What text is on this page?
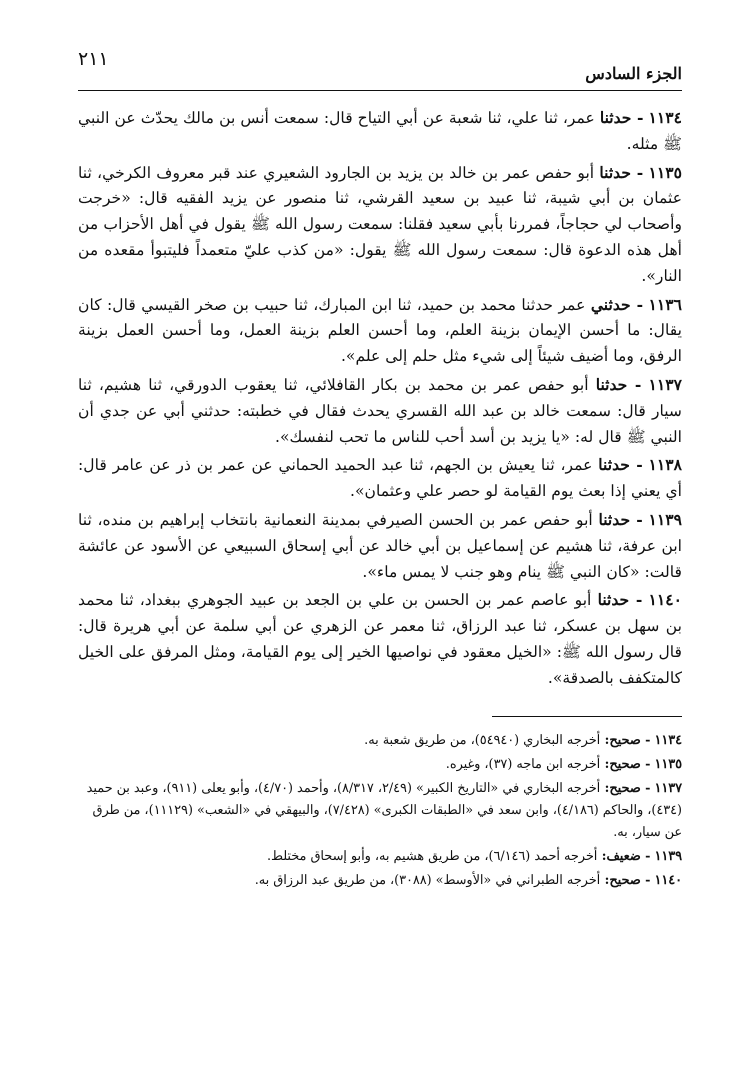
الجزء السادس
٢١١

١١٣٤ - حدثنا عمر، ثنا علي، ثنا شعبة عن أبي التياح قال: سمعت أنس بن مالك يحدّث عن النبي ﷺ مثله.

١١٣٥ - حدثنا أبو حفص عمر بن خالد بن يزيد بن الجارود الشعيري عند قبر معروف الكرخي، ثنا عثمان بن أبي شيبة، ثنا عبيد بن سعيد القرشي، ثنا منصور عن يزيد الفقيه قال: «خرجت وأصحاب لي حجاجاً، فمررنا بأبي سعيد فقلنا: سمعت رسول الله ﷺ يقول في أهل الأحزاب من أهل هذه الدعوة قال: سمعت رسول الله ﷺ يقول: «من كذب عليّ متعمداً فليتبوأ مقعده من النار».

١١٣٦ - حدثني عمر حدثنا محمد بن حميد، ثنا ابن المبارك، ثنا حبيب بن صخر القيسي قال: كان يقال: ما أحسن الإيمان بزينة العلم، وما أحسن العلم بزينة العمل، وما أحسن العمل بزينة الرفق، وما أضيف شيئاً إلى شيء مثل حلم إلى علم».

١١٣٧ - حدثنا أبو حفص عمر بن محمد بن بكار القافلائي، ثنا يعقوب الدورقي، ثنا هشيم، ثنا سيار قال: سمعت خالد بن عبد الله القسري يحدث فقال في خطبته: حدثني أبي عن جدي أن النبي ﷺ قال له: «يا يزيد بن أسد أحب للناس ما تحب لنفسك».

١١٣٨ - حدثنا عمر، ثنا يعيش بن الجهم، ثنا عبد الحميد الحماني عن عمر بن ذر عن عامر قال: أي يعني إذا بعث يوم القيامة لو حصر علي وعثمان».

١١٣٩ - حدثنا أبو حفص عمر بن الحسن الصيرفي بمدينة النعمانية بانتخاب إبراهيم بن منده، ثنا ابن عرفة، ثنا هشيم عن إسماعيل بن أبي خالد عن أبي إسحاق السبيعي عن الأسود عن عائشة قالت: «كان النبي ﷺ ينام وهو جنب لا يمس ماء».

١١٤٠ - حدثنا أبو عاصم عمر بن الحسن بن علي بن الجعد بن عبيد الجوهري ببغداد، ثنا محمد بن سهل بن عسكر، ثنا عبد الرزاق، ثنا معمر عن الزهري عن أبي سلمة عن أبي هريرة قال: قال رسول الله ﷺ: «الخيل معقود في نواصيها الخير إلى يوم القيامة، ومثل المرفق على الخيل كالمتكفف بالصدقة».

١١٣٤ - صحيح: أخرجه البخاري (٥٤٩٤٠)، من طريق شعبة به.

١١٣٥ - صحيح: أخرجه ابن ماجه (٣٧)، وغيره.

١١٣٧ - صحيح: أخرجه البخاري في «التاريخ الكبير» (٢/٤٩، ٨/٣١٧)، وأحمد (٤/٧٠)، وأبو يعلى (٩١١)، وعبد بن حميد (٤٣٤)، والحاكم (٤/١٨٦)، وابن سعد في «الطبقات الكبرى» (٧/٤٢٨)، والبيهقي في «الشعب» (١١١٢٩)، من طرق عن سيار، به.

١١٣٩ - ضعيف: أخرجه أحمد (٦/١٤٦)، من طريق هشيم به، وأبو إسحاق مختلط.

١١٤٠ - صحيح: أخرجه الطبراني في «الأوسط» (٣٠٨٨)، من طريق عبد الرزاق به.
